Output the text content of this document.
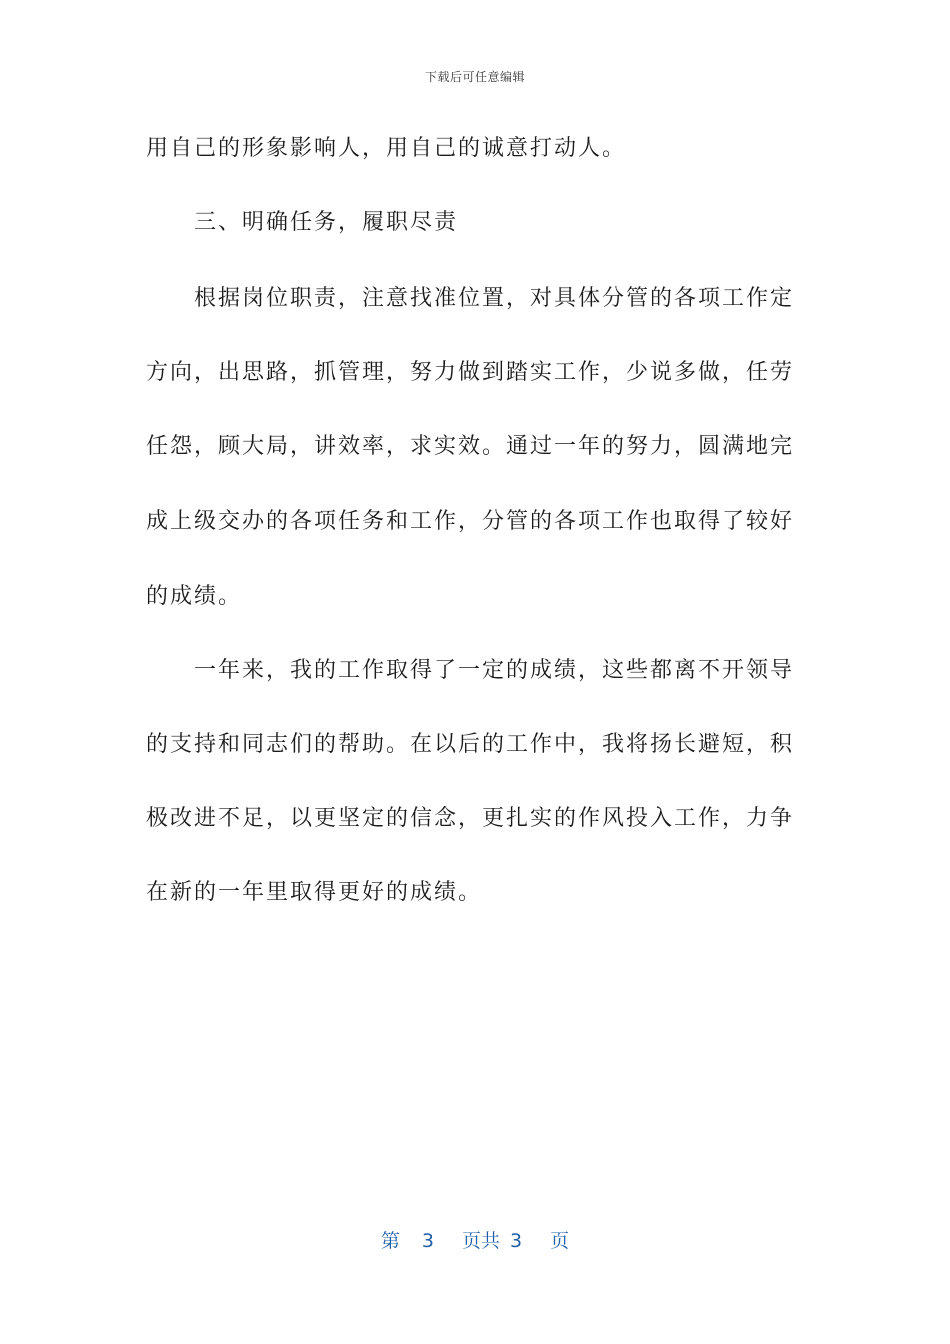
下载后可任意编辑
用自己的形象影响人，用自己的诚意打动人。
三、明确任务，履职尽责
根据岗位职责，注意找准位置，对具体分管的各项工作定
方向，出思路，抓管理，努力做到踏实工作，少说多做，任劳
任怨，顾大局，讲效率，求实效。通过一年的努力，圆满地完
成上级交办的各项任务和工作，分管的各项工作也取得了较好
的成绩。
一年来，我的工作取得了一定的成绩，这些都离不开领导
的支持和同志们的帮助。在以后的工作中，我将扬长避短，积
极改进不足，以更坚定的信念，更扎实的作风投入工作，力争
在新的一年里取得更好的成绩。
第 3 页共 3 页
